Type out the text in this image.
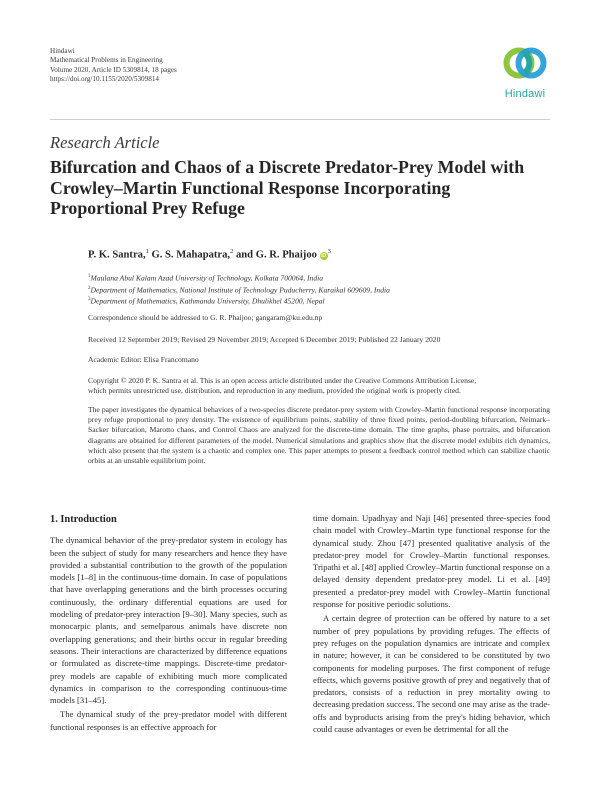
Hindawi
Mathematical Problems in Engineering
Volume 2020, Article ID 5309814, 18 pages
https://doi.org/10.1155/2020/5309814
Hindawi
Research Article
Bifurcation and Chaos of a Discrete Predator-Prey Model with Crowley–Martin Functional Response Incorporating Proportional Prey Refuge
P. K. Santra,$^1$ G. S. Mahapatra,$^2$ and G. R. Phaijoo $iD^3$
$^1$Maulana Abul Kalam Azad University of Technology, Kolkata 700064, India
$^2$Department of Mathematics, National Institute of Technology Puducherry, Karaikal 609609, India
$^3$Department of Mathematics, Kathmandu University, Dhulikhel 45200, Nepal
Correspondence should be addressed to G. R. Phaijoo; gangaram@ku.edu.np
Received 12 September 2019; Revised 29 November 2019; Accepted 6 December 2019; Published 22 January 2020
Academic Editor: Elisa Francomano
Copyright © 2020 P. K. Santra et al. This is an open access article distributed under the Creative Commons Attribution License,
which permits unrestricted use, distribution, and reproduction in any medium, provided the original work is properly cited.
The paper investigates the dynamical behaviors of a two-species discrete predator-prey system with Crowley–Martin functional response incorporating prey refuge proportional to prey density. The existence of equilibrium points, stability of three fixed points, period-doubling bifurcation, Neimark–Sacker bifurcation, Marotto chaos, and Control Chaos are analyzed for the discrete-time domain. The time graphs, phase portraits, and bifurcation diagrams are obtained for different parameters of the model. Numerical simulations and graphics show that the discrete model exhibits rich dynamics, which also present that the system is a chaotic and complex one. This paper attempts to present a feedback control method which can stabilize chaotic orbits at an unstable equilibrium point.
1. Introduction

The dynamical behavior of the prey-predator system in ecology has been the subject of study for many researchers and hence they have provided a substantial contribution to the growth of the population models [1–8] in the continuous-time domain. In case of populations that have overlapping generations and the birth processes occuring continuously, the ordinary differential equations are used for modeling of predator-prey interaction [9–30]. Many species, such as monocarpic plants, and semelparous animals have discrete non overlapping generations; and their births occur in regular breeding seasons. Their interactions are characterized by difference equations or formulated as discrete-time mappings. Discrete-time predator-prey models are capable of exhibiting much more complicated dynamics in comparison to the corresponding continuous-time models [31–45].

The dynamical study of the prey-predator model with different functional responses is an effective approach for

time domain. Upadhyay and Naji [46] presented three-species food chain model with Crowley–Martin type functional response for the dynamical study. Zhou [47] presented qualitative analysis of the predator-prey model for Crowley–Martin functional responses. Tripathi et al. [48] applied Crowley–Martin functional response on a delayed density dependent predator-prey model. Li et al. [49] presented a predator-prey model with Crowley–Martin functional response for positive periodic solutions.

A certain degree of protection can be offered by nature to a set number of prey populations by providing refuges. The effects of prey refuges on the population dynamics are intricate and complex in nature; however, it can be considered to be constituted by two components for modeling purposes. The first component of refuge effects, which governs positive growth of prey and negatively that of predators, consists of a reduction in prey mortality owing to decreasing predation success. The second one may arise as the trade-offs and byproducts arising from the prey's hiding behavior, which could cause advantages or even be detrimental for all the
